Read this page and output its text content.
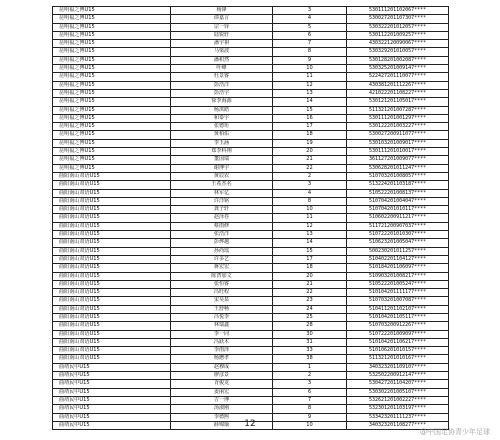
昆明福之博U15	杨锋	3	530111201102067****
昆明福之博U15	谭嘉言	4	530027201107307****
昆明福之博U15	宗一铎	5	530322201012057****
昆明福之博U15	陆锐轩	6	530112201009257****
昆明福之博U15	潘宇祺	7	430322120090067****
昆明福之博U15	马梁波	8	530329201010057****
昆明福之博U15	潘积然	9	530128201002087****
昆明福之博U15	叶峰	10	530325201009147****
昆明福之博U15	杜景睿	11	522427201110077****
昆明福之博U15	彭浩洋	12	430381201112267****
昆明福之博U15	彭浩宇	13	421022201108227****
昆明福之博U15	徐李海源	14	530121201105017****
昆明福之博U15	杨淇皓	15	511321201007287****
昆明福之博U15	和泰宇	16	530111201001297****
昆明福之博U15	张德珩	17	530122201003227****
昆明福之博U15	黄柏佑	18	530027200911077****
昆明福之博U15	李玉涵	19	530103201009017****
昆明福之博U15	郑李科翔	20	530111201010017****
昆明福之博U15	董国瑞	21	361127201009077****
昆明福之博U15	谢博宇	22	530628201011247****
曲阳南山双语U15	黄辰农	2	510703201008057****
曲阳南山双语U15	王希杰名	3	513224201103187****
曲阳南山双语U15	林军亿	4	510522201008137****
曲阳南山双语U15	许洋铭	8	510704201004047****
曲阳南山双语U15	龚子轩	10	510704201010117****
曲阳南山双语U15	赵泽卷	11	510602200911217****
曲阳南山双语U15	蔡雨修	12	511721200907037****
曲阳南山双语U15	张浩洋	13	510722201010307****
曲阳南山双语U15	彭烨越	14	510623201005047****
曲阳南山双语U15	孙尚瑶	15	500230201011257****
曲阳南山双语U15	许多艺	17	510402201104127****
曲阳南山双语U15	蒋宏宏	18	510184201106097****
曲阳南山双语U15	陈湾加文	20	510903201008217****
曲阳南山双语U15	张恒睿	21	510522201005247****
曲阳南山双语U15	冯旺程	22	510104201111177****
曲阳南山双语U15	宋昊泉	23	510703201007087****
曲阳南山双语U15	王舒畅	24	510411201102107****
曲阳南山双语U15	冯悦李	25	510104201105117****
曲阳南山双语U15	林瑞鑫	28	510703200912267****
曲阳南山双语U15	李一同	30	510722201009097****
曲阳南山双语U15	冯跃木	31	510104201106217****
曲阳南山双语U15	李雨泽	33	510106201010157****
曲阳南山双语U15	杨懋孝	38	511321201010167****
曲靖民中U15	赵穆成	1	340323201109107****
曲靖民中U15	廖彦景	2	532502200912147****
曲靖民中U15	胥俊龙	3	530427201104207****
曲靖民中U15	姜丽宏	6	530302201005107****
曲靖民中U15	吉一博	7	532621201002227****
曲靖民中U15	汤淑刚	8	532301201103197****
曲靖民中U15	李德熙	9	533423201111237****
曲靖民中U15	薛锦瑜	10	340323201108277****
12
@中国足协青少年足球
